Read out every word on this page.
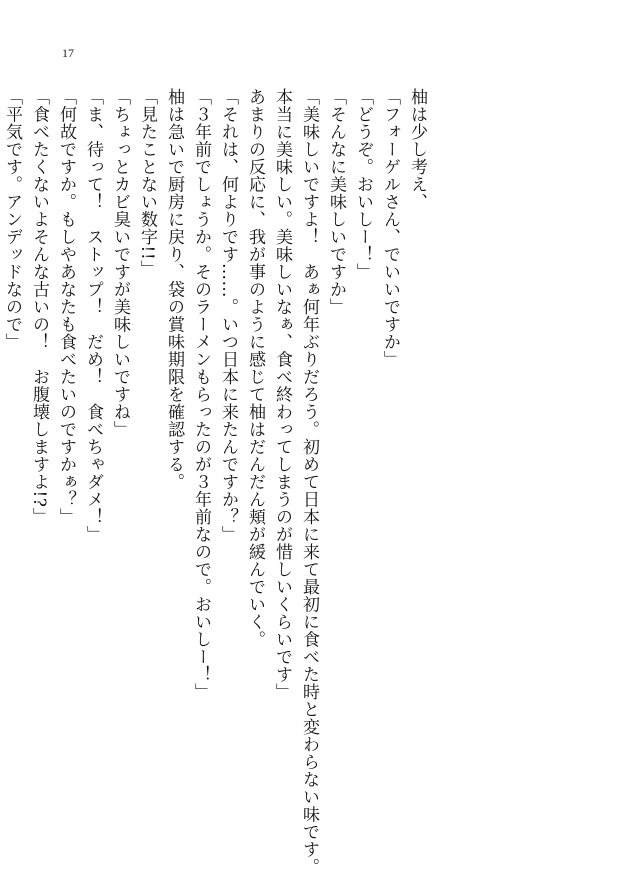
17

柚は少し考え、

「フォーゲルさん、でいいですか」

「どうぞ。おいしー！」

「そんなに美味しいですか」

「美味しいですよ！　あぁ何年ぶりだろう。初めて日本に来て最初に食べた時と変わらない味です。本当に美味しい。美味しいなぁ、食べ終わってしまうのが惜しいくらいです」

あまりの反応に、我が事のように感じて柚はだんだん頬が緩んでいく。

「それは、何よりです……。いつ日本に来たんですか？」

「３年前でしょうか。そのラーメンもらったのが３年前なので。おいしー！」

柚は急いで厨房に戻り、袋の賞味期限を確認する。

「見たことない数字!!」

「ちょっとカビ臭いですが美味しいですね」

「ま、待って！　ストップ！　だめ！　食べちゃダメ！」

「何故ですか。もしやあなたも食べたいのですかぁ？」

「食べたくないよそんな古いの！　お腹壊しますよ!?」

「平気です。アンデッドなので」
